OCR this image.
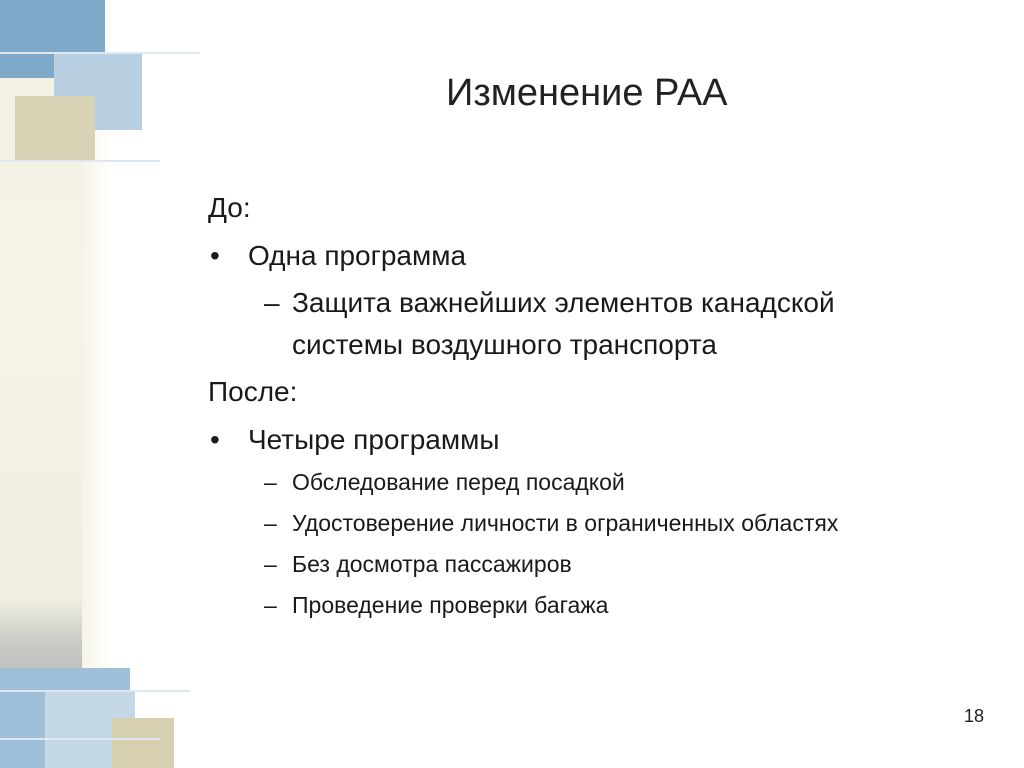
Изменение РАА
До:
• Одна программа
– Защита важнейших элементов канадской системы воздушного транспорта
После:
• Четыре программы
– Обследование перед посадкой
– Удостоверение личности в ограниченных областях
– Без досмотра пассажиров
– Проведение проверки багажа
18
